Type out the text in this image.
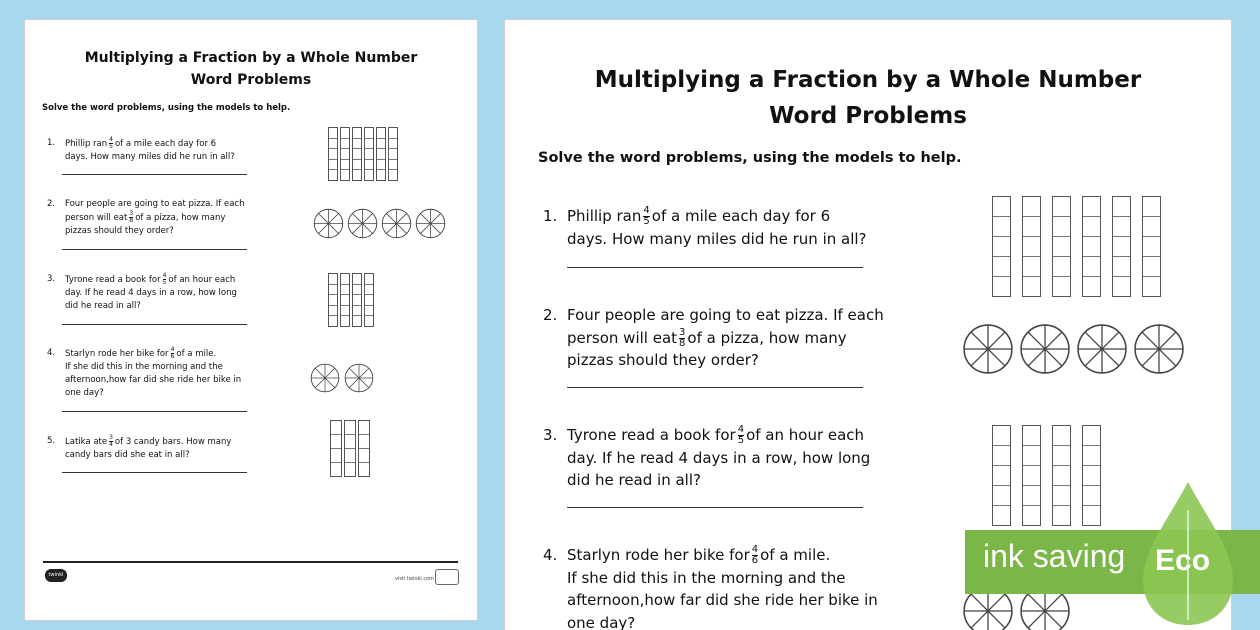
Multiplying a Fraction by a Whole Number
Word Problems

Solve the word problems, using the models to help.
1.	Phillip ran $\frac{4}{5}$ of a mile each day for 6
days. How many miles did he run in all?
2.	Four people are going to eat pizza. If each
person will eat $\frac{3}{8}$ of a pizza, how many
pizzas should they order?
3.	Tyrone read a book for $\frac{4}{5}$ of an hour each
day. If he read 4 days in a row, how long
did he read in all?
4.	Starlyn rode her bike for $\frac{4}{6}$ of a mile.
If she did this in the morning and the
afternoon,how far did she ride her bike in
one day?
5.	Latika ate $\frac{3}{4}$ of 3 candy bars. How many
candy bars did she eat in all?
twinkl
visit twinkl.com

Multiplying a Fraction by a Whole Number
Word Problems

Solve the word problems, using the models to help.
1. Phillip ran $\frac{4}{5}$ of a mile each day for 6
days. How many miles did he run in all?
2. Four people are going to eat pizza. If each
person will eat $\frac{3}{8}$ of a pizza, how many
pizzas should they order?
3. Tyrone read a book for $\frac{4}{5}$ of an hour each
day. If he read 4 days in a row, how long
did he read in all?
4. Starlyn rode her bike for $\frac{4}{6}$ of a mile.
If she did this in the morning and the
afternoon,how far did she ride her bike in
one day?
ink saving Eco
